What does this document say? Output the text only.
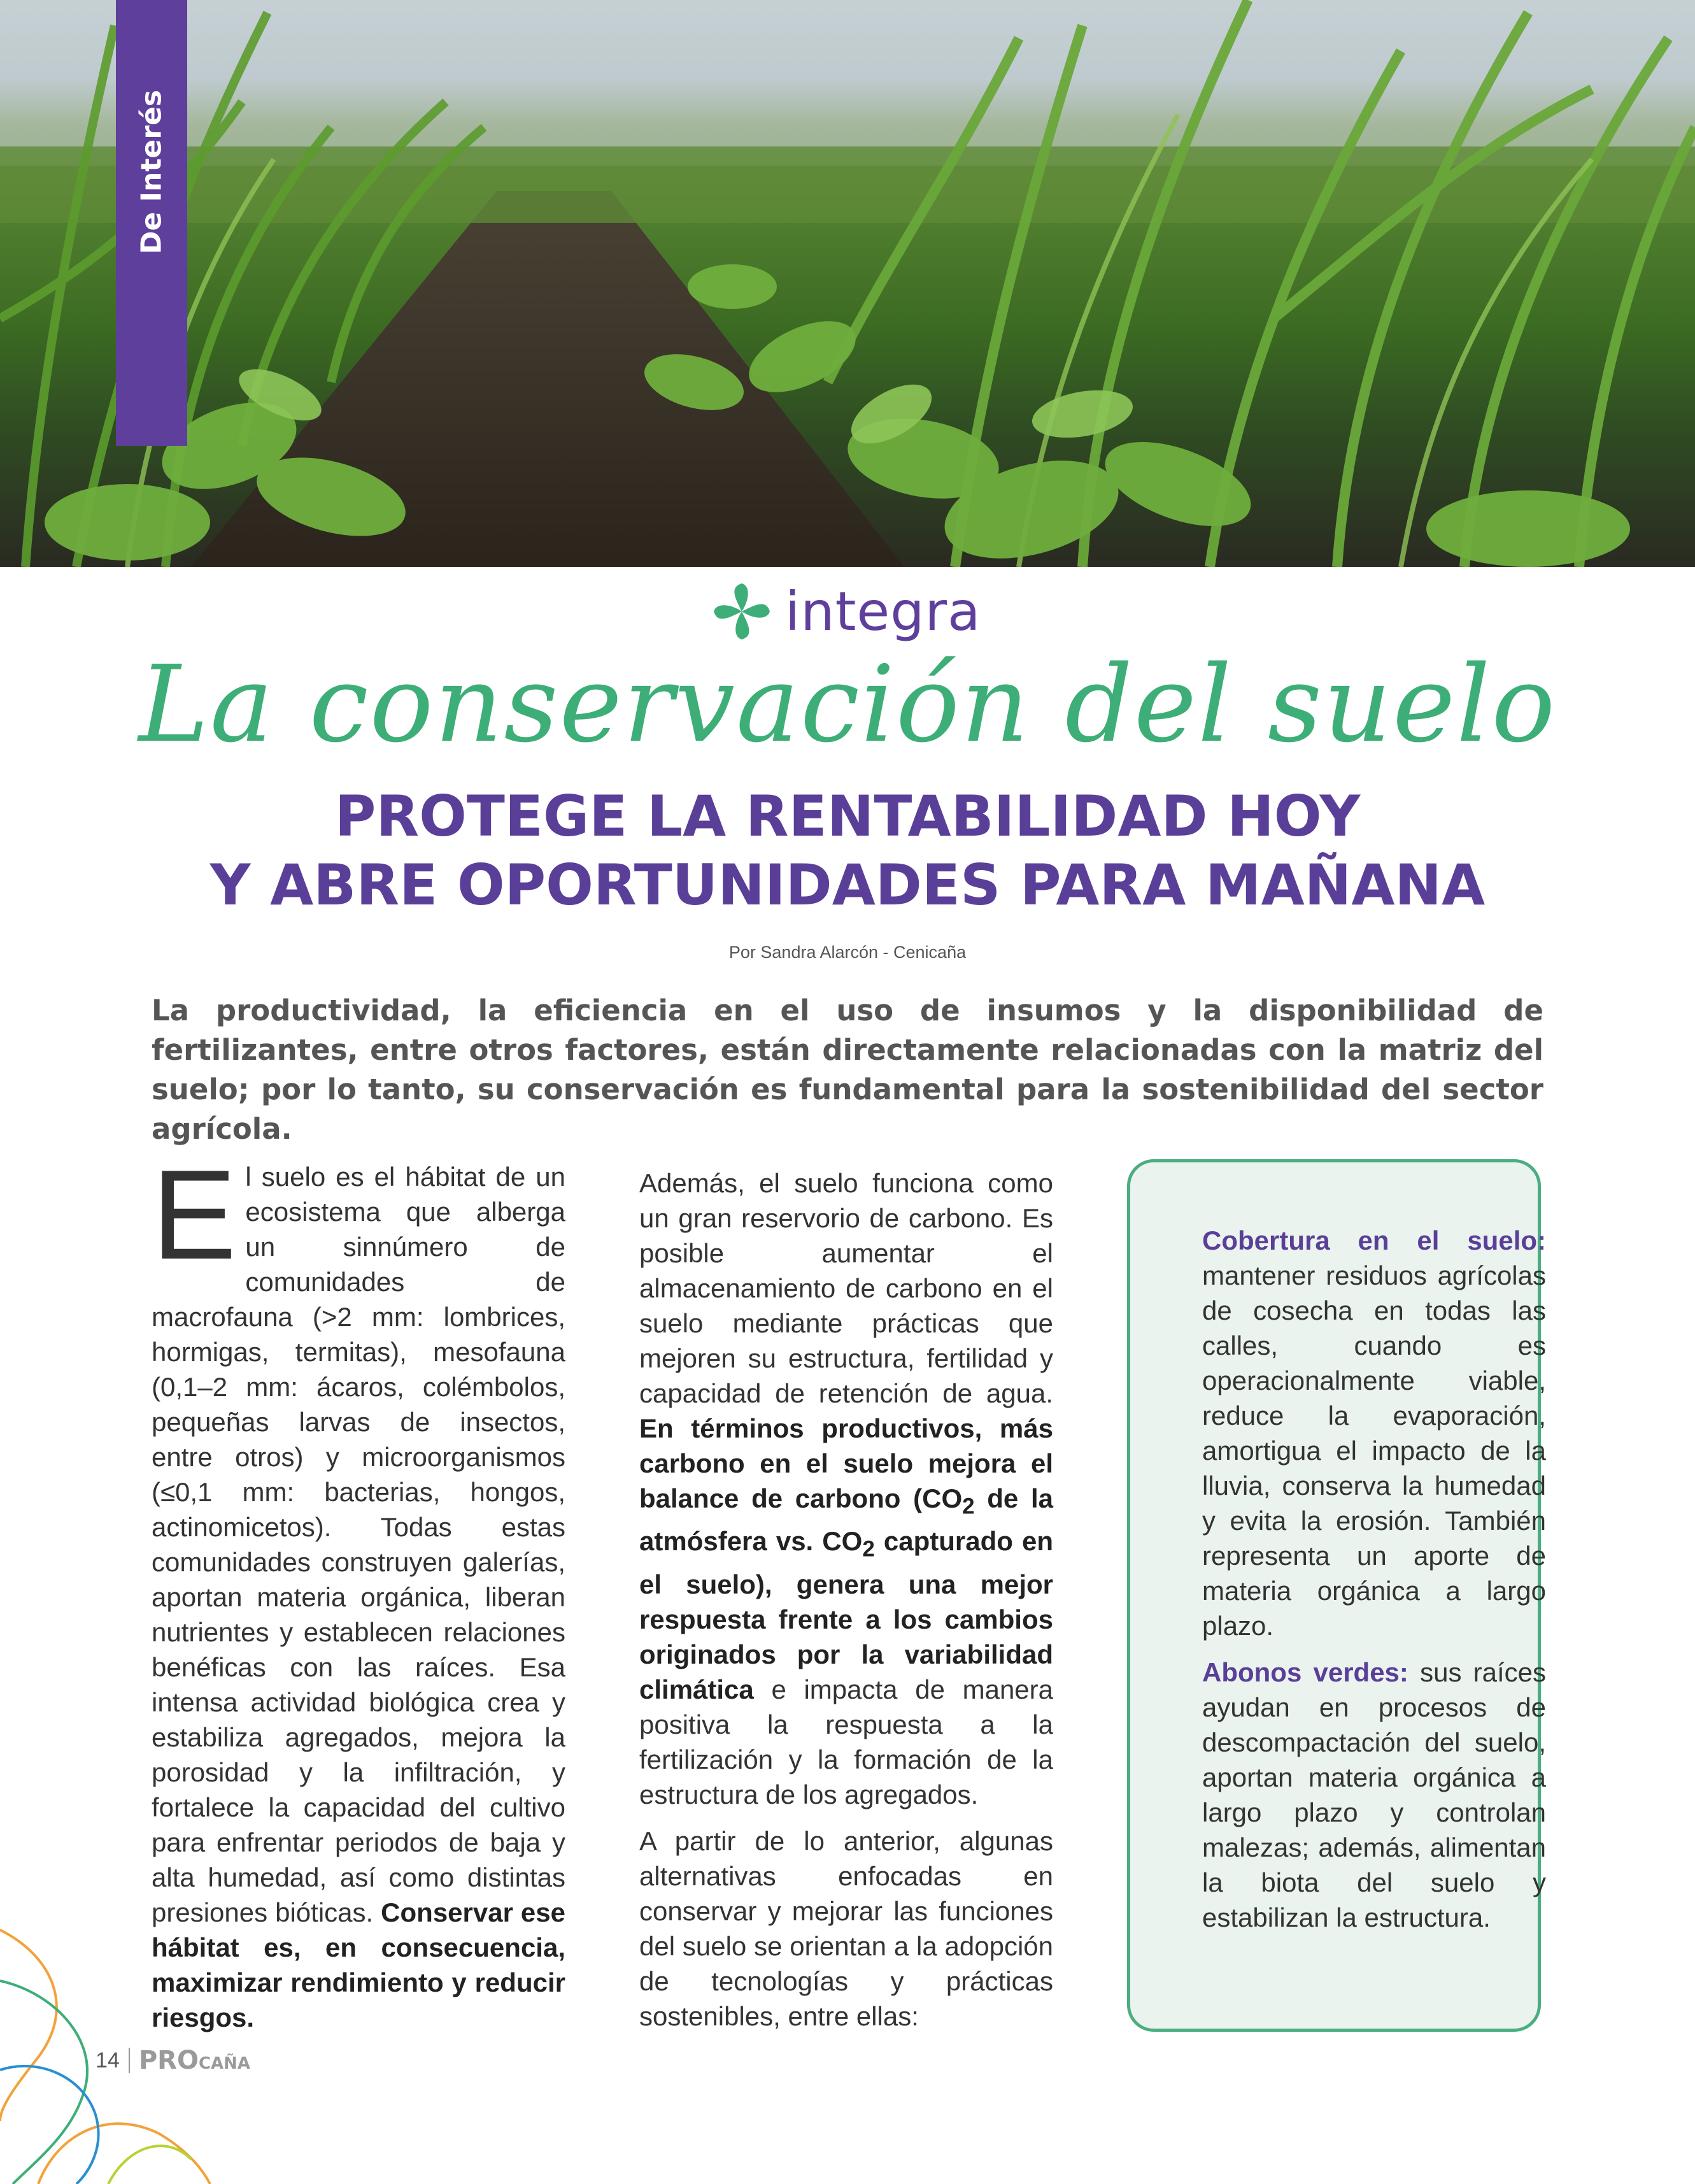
De Interés
integra
La conservación del suelo
PROTEGE LA RENTABILIDAD HOY
Y ABRE OPORTUNIDADES PARA MAÑANA
Por Sandra Alarcón - Cenicaña
La productividad, la eficiencia en el uso de insumos y la disponibilidad de fertilizantes, entre otros factores, están directamente relacionadas con la matriz del suelo; por lo tanto, su conservación es fundamental para la sostenibilidad del sector agrícola.

El suelo es el hábitat de un ecosistema que alberga un sinnúmero de comunidades de macrofauna (>2 mm: lombrices, hormigas, termitas), mesofauna (0,1–2 mm: ácaros, colémbolos, pequeñas larvas de insectos, entre otros) y microorganismos (≤0,1 mm: bacterias, hongos, actinomicetos). Todas estas comunidades construyen galerías, aportan materia orgánica, liberan nutrientes y establecen relaciones benéficas con las raíces. Esa intensa actividad biológica crea y estabiliza agregados, mejora la porosidad y la infiltración, y fortalece la capacidad del cultivo para enfrentar periodos de baja y alta humedad, así como distintas presiones bióticas. Conservar ese hábitat es, en consecuencia, maximizar rendimiento y reducir riesgos.

Además, el suelo funciona como un gran reservorio de carbono. Es posible aumentar el almacenamiento de carbono en el suelo mediante prácticas que mejoren su estructura, fertilidad y capacidad de retención de agua. En términos productivos, más carbono en el suelo mejora el balance de carbono ($CO_2$ de la atmósfera vs. $CO_2$ capturado en el suelo), genera una mejor respuesta frente a los cambios originados por la variabilidad climática e impacta de manera positiva la respuesta a la fertilización y la formación de la estructura de los agregados.

A partir de lo anterior, algunas alternativas enfocadas en conservar y mejorar las funciones del suelo se orientan a la adopción de tecnologías y prácticas sostenibles, entre ellas:

Cobertura en el suelo: mantener residuos agrícolas de cosecha en todas las calles, cuando es operacionalmente viable, reduce la evaporación, amortigua el impacto de la lluvia, conserva la humedad y evita la erosión. También representa un aporte de materia orgánica a largo plazo.

Abonos verdes: sus raíces ayudan en procesos de descompactación del suelo, aportan materia orgánica a largo plazo y controlan malezas; además, alimentan la biota del suelo y estabilizan la estructura.

14 PROCAÑA
